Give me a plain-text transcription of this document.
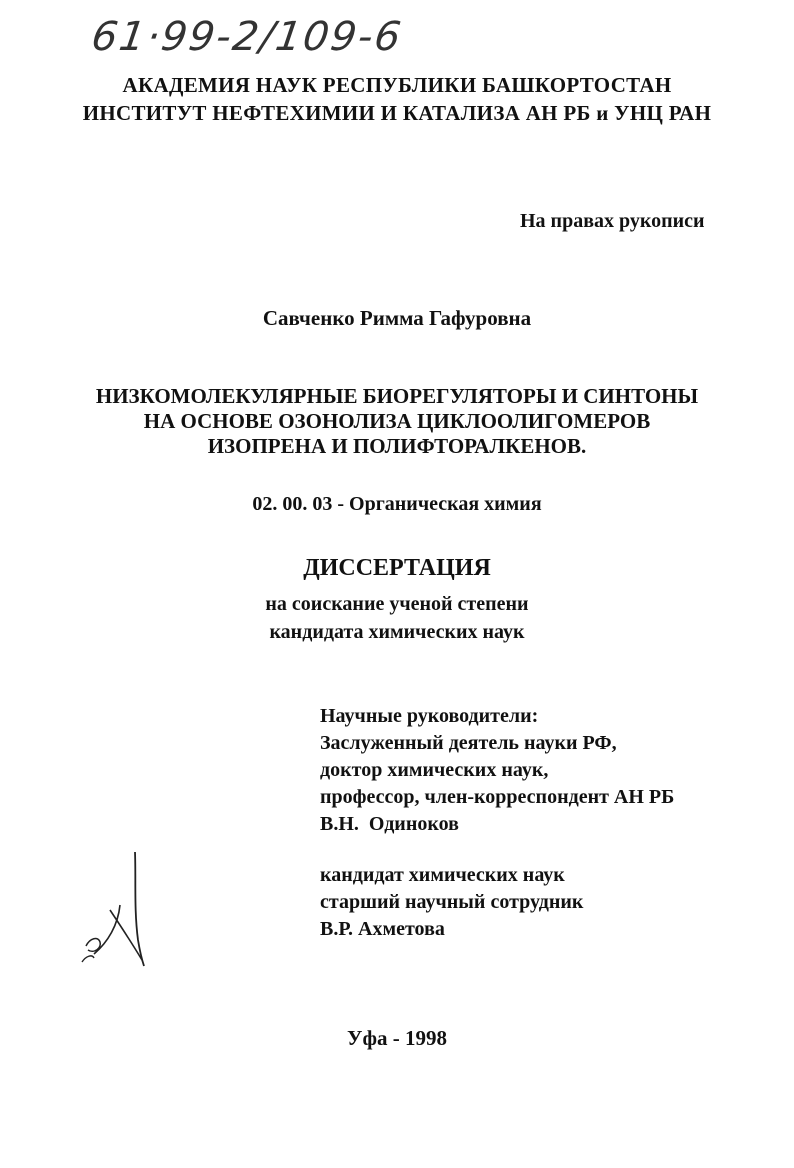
61·99-2/109-6

АКАДЕМИЯ НАУК РЕСПУБЛИКИ БАШКОРТОСТАН

ИНСТИТУТ НЕФТЕХИМИИ И КАТАЛИЗА АН РБ и УНЦ РАН

На правах рукописи

Савченко Римма Гафуровна

НИЗКОМОЛЕКУЛЯРНЫЕ БИОРЕГУЛЯТОРЫ И СИНТОНЫ
НА ОСНОВЕ ОЗОНОЛИЗА ЦИКЛООЛИГОМЕРОВ
ИЗОПРЕНА И ПОЛИФТОРАЛКЕНОВ.

02. 00. 03 - Органическая химия

ДИССЕРТАЦИЯ

на соискание ученой степени
кандидата химических наук
Научные руководители:
Заслуженный деятель науки РФ,
доктор химических наук,
профессор, член-корреспондент АН РБ
В.Н.  Одиноков
кандидат химических наук
старший научный сотрудник
В.Р. Ахметова

Уфа - 1998
